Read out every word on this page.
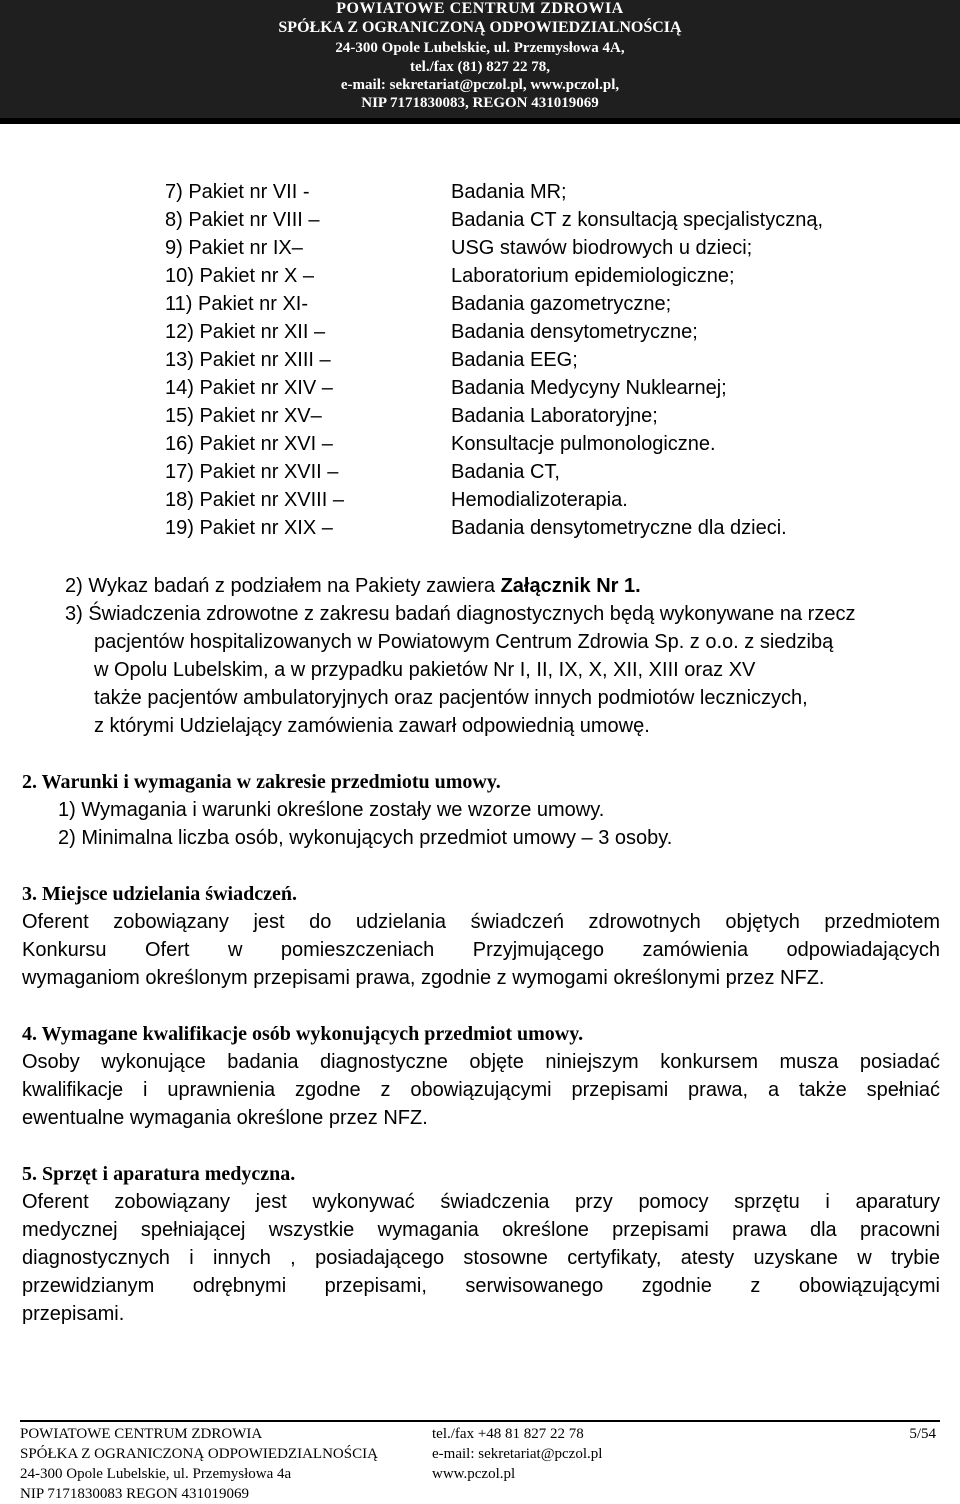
POWIATOWE CENTRUM ZDROWIA
SPÓŁKA Z OGRANICZONĄ ODPOWIEDZIALNOŚCIĄ
24-300 Opole Lubelskie, ul. Przemysłowa 4A,
tel./fax (81) 827 22 78,
e-mail: sekretariat@pczol.pl, www.pczol.pl,
NIP 7171830083, REGON 431019069
7) Pakiet nr VII -	Badania MR;
8) Pakiet nr VIII –	Badania CT z konsultacją specjalistyczną,
9) Pakiet nr IX–	USG stawów biodrowych u dzieci;
10) Pakiet nr X –	Laboratorium epidemiologiczne;
11) Pakiet nr XI-	Badania gazometryczne;
12) Pakiet nr XII –	Badania densytometryczne;
13) Pakiet nr XIII –	Badania EEG;
14) Pakiet nr XIV –	Badania Medycyny Nuklearnej;
15) Pakiet nr XV–	Badania Laboratoryjne;
16) Pakiet nr XVI –	Konsultacje pulmonologiczne.
17) Pakiet nr XVII –	Badania CT,
18) Pakiet nr XVIII –	Hemodializoterapia.
19) Pakiet nr XIX –	Badania densytometryczne dla dzieci.
2) Wykaz badań z podziałem na Pakiety zawiera Załącznik Nr 1.
3) Świadczenia zdrowotne z zakresu badań diagnostycznych będą wykonywane na rzecz
pacjentów hospitalizowanych w Powiatowym Centrum Zdrowia Sp. z o.o. z siedzibą
w Opolu Lubelskim, a w przypadku pakietów Nr I, II, IX, X, XII, XIII oraz XV
także pacjentów ambulatoryjnych oraz pacjentów innych podmiotów leczniczych,
z którymi Udzielający zamówienia zawarł odpowiednią umowę.
2. Warunki i wymagania w zakresie przedmiotu umowy.
1) Wymagania i warunki określone zostały we wzorze umowy.
2) Minimalna liczba osób, wykonujących przedmiot umowy – 3 osoby.
3. Miejsce udzielania świadczeń.
Oferent zobowiązany jest do udzielania świadczeń zdrowotnych objętych przedmiotem
Konkursu Ofert w pomieszczeniach Przyjmującego zamówienia odpowiadających
wymaganiom określonym przepisami prawa, zgodnie z wymogami określonymi przez NFZ.
4. Wymagane kwalifikacje osób wykonujących przedmiot umowy.
Osoby wykonujące badania diagnostyczne objęte niniejszym konkursem musza posiadać
kwalifikacje i uprawnienia zgodne z obowiązującymi przepisami prawa, a także spełniać
ewentualne wymagania określone przez NFZ.
5. Sprzęt i aparatura medyczna.
Oferent zobowiązany jest wykonywać świadczenia przy pomocy sprzętu i aparatury
medycznej spełniającej wszystkie wymagania określone przepisami prawa dla pracowni
diagnostycznych i innych , posiadającego stosowne certyfikaty, atesty uzyskane w trybie
przewidzianym odrębnymi przepisami, serwisowanego zgodnie z obowiązującymi
przepisami.
POWIATOWE CENTRUM ZDROWIA
SPÓŁKA Z OGRANICZONĄ ODPOWIEDZIALNOŚCIĄ
24-300 Opole Lubelskie, ul. Przemysłowa 4a
NIP 7171830083 REGON 431019069
tel./fax +48 81 827 22 78
e-mail: sekretariat@pczol.pl
www.pczol.pl
5/54
